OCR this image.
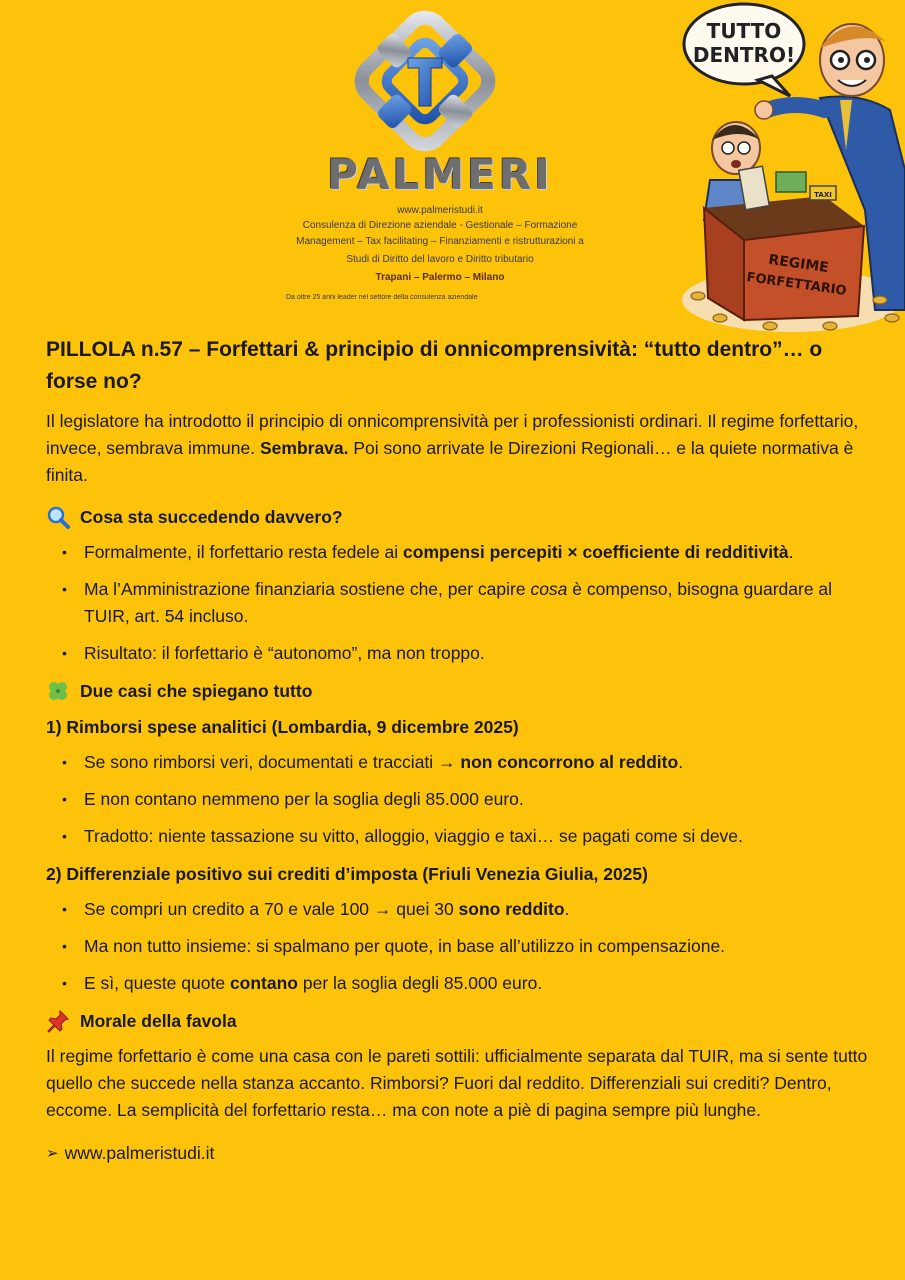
PALMERI
www.palmeristudi.it
Consulenza di Direzione aziendale - Gestionale – Formazione
Management – Tax facilitating – Finanziamenti e ristrutturazioni a
Studi di Diritto del lavoro e Diritto tributario
Trapani – Palermo – Milano
Da oltre 25 anni leader nel settore della consulenza aziendale
TUTTO
DENTRO!
TAXI
REGIME
FORFETTARIO
PILLOLA n.57 – Forfettari & principio di onnicomprensività: “tutto dentro”… o forse no?

Il legislatore ha introdotto il principio di onnicomprensività per i professionisti ordinari. Il regime forfettario, invece, sembrava immune. Sembrava. Poi sono arrivate le Direzioni Regionali… e la quiete normativa è finita.

Cosa sta succedendo davvero?
• Formalmente, il forfettario resta fedele ai compensi percepiti × coefficiente di redditività.
• Ma l’Amministrazione finanziaria sostiene che, per capire cosa è compenso, bisogna guardare al TUIR, art. 54 incluso.
• Risultato: il forfettario è “autonomo”, ma non troppo.
Due casi che spiegano tutto
1) Rimborsi spese analitici (Lombardia, 9 dicembre 2025)
• Se sono rimborsi veri, documentati e tracciati → non concorrono al reddito.
• E non contano nemmeno per la soglia degli 85.000 euro.
• Tradotto: niente tassazione su vitto, alloggio, viaggio e taxi… se pagati come si deve.
2) Differenziale positivo sui crediti d’imposta (Friuli Venezia Giulia, 2025)
• Se compri un credito a 70 e vale 100 → quei 30 sono reddito.
• Ma non tutto insieme: si spalmano per quote, in base all’utilizzo in compensazione.
• E sì, queste quote contano per la soglia degli 85.000 euro.
Morale della favola

Il regime forfettario è come una casa con le pareti sottili: ufficialmente separata dal TUIR, ma si sente tutto quello che succede nella stanza accanto. Rimborsi? Fuori dal reddito. Differenziali sui crediti? Dentro, eccome. La semplicità del forfettario resta… ma con note a piè di pagina sempre più lunghe.

➢ www.palmeristudi.it
